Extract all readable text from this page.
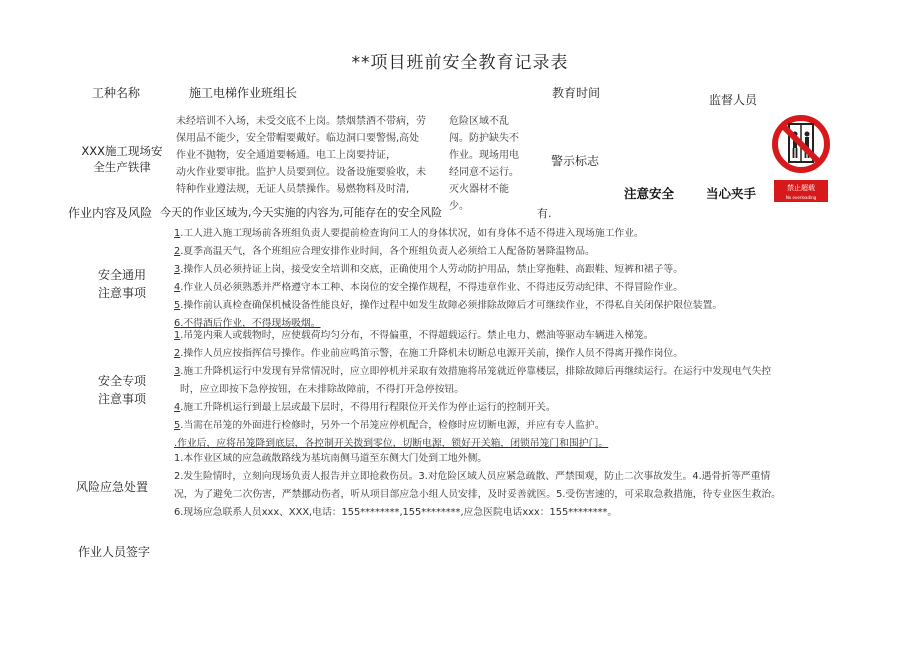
**项目班前安全教育记录表
工种名称	施工电梯作业班组长	教育时间	监督人员
XXX施工现场安
全生产铁律
未经培训不入场，未受交底不上岗。禁烟禁酒不带病，劳
保用品不能少，安全带帽要戴好。临边洞口要警惕,高处
作业不抛物，安全通道要畅通。电工上岗要持证，
动火作业要审批。监护人员要到位。设备设施要验收，未
特种作业遵法规，无证人员禁操作。易燃物料及时清,
危险区域不乱
闯。防护缺失不
作业。现场用电
经同意不运行。
灭火器材不能
少。
警示标志
禁止超载
No overloading
注意安全	当心夹手
作业内容及风险 今天的作业区域为,今天实施的内容为,可能存在的安全风险	有.
安全通用
注意事项
1.工人进入施工现场前各班组负责人要提前检查询问工人的身体状况，如有身体不适不得进入现场施工作业。
2.夏季高温天气，各个班组应合理安排作业时间，各个班组负责人必须给工人配备防暑降温物品。
3.操作人员必须持证上岗，接受安全培训和交底，正确使用个人劳动防护用品，禁止穿拖鞋、高跟鞋、短裤和裙子等。
4.作业人员必须熟悉并严格遵守本工种、本岗位的安全操作规程，不得违章作业、不得违反劳动纪律、不得冒险作业。
5.操作前认真检查确保机械设备性能良好，操作过程中如发生故障必须排除故障后才可继续作业，不得私自关闭保护限位装置。
6.不得酒后作业，不得现场吸烟。
安全专项
注意事项
1.吊笼内乘人或载物时，应使载荷均匀分布，不得偏重，不得超载运行。禁止电力、燃油等驱动车辆进入梯笼。
2.操作人员应按指挥信号操作。作业前应鸣笛示警，在施工升降机未切断总电源开关前，操作人员不得离开操作岗位。
3.施工升降机运行中发现有异常情况时，应立即停机并采取有效措施将吊笼就近停靠楼层，排除故障后再继续运行。在运行中发现电气失控
时，应立即按下急停按钮，在未排除故障前，不得打开急停按钮。
4.施工升降机运行到最上层或最下层时，不得用行程限位开关作为停止运行的控制开关。
5.当需在吊笼的外面进行检修时，另外一个吊笼应停机配合，检修时应切断电源，并应有专人监护。
.作业后，应将吊笼降到底层，各控制开关拨到零位，切断电源，锁好开关箱，闭锁吊笼门和围护门。
风险应急处置
1.本作业区域的应急疏散路线为基坑南侧马道至东侧大门处到工地外侧。
2.发生险情时，立刻向现场负责人报告并立即抢救伤员。3.对危险区域人员应紧急疏散、严禁围观，防止二次事故发生。4.遇骨折等严重情
况，为了避免二次伤害，严禁挪动伤者，听从项目部应急小组人员安排，及时妥善就医。5.受伤害速的，可采取急救措施，待专业医生救治。
6.现场应急联系人员xxx、XXX,电话：155********,155********,应急医院电话xxx：155********。
作业人员签字
